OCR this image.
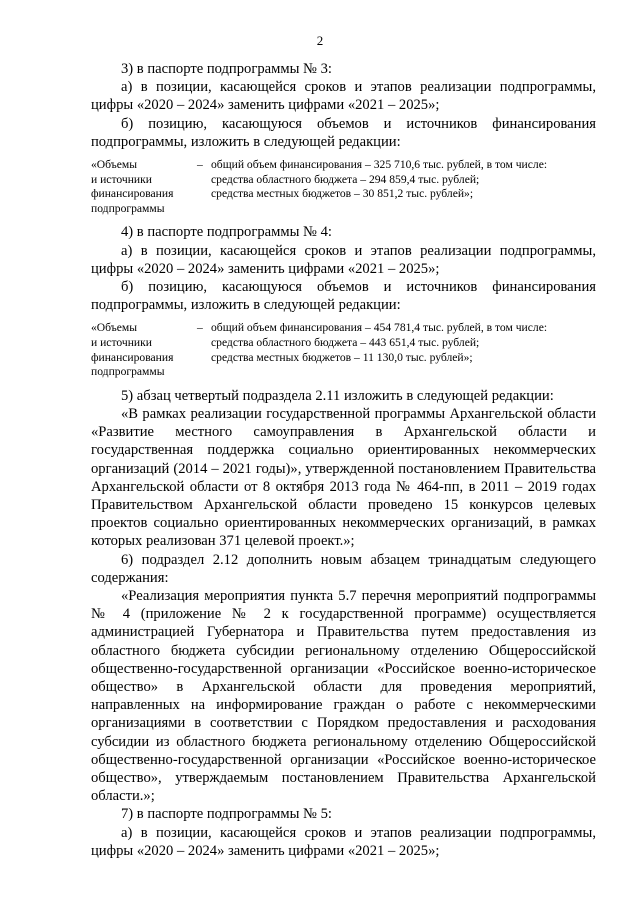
2

3) в паспорте подпрограммы № 3:

а) в позиции, касающейся сроков и этапов реализации подпрограммы, цифры «2020 – 2024» заменить цифрами «2021 – 2025»;

б) позицию, касающуюся объемов и источников финансирования подпрограммы, изложить в следующей редакции:

«Объемы
и источники
финансирования
подпрограммы
– общий объем финансирования – 325 710,6 тыс. рублей, в том числе:
средства областного бюджета – 294 859,4 тыс. рублей;
средства местных бюджетов – 30 851,2 тыс. рублей»;

4) в паспорте подпрограммы № 4:

а) в позиции, касающейся сроков и этапов реализации подпрограммы, цифры «2020 – 2024» заменить цифрами «2021 – 2025»;

б) позицию, касающуюся объемов и источников финансирования подпрограммы, изложить в следующей редакции:

«Объемы
и источники
финансирования
подпрограммы
– общий объем финансирования – 454 781,4 тыс. рублей, в том числе:
средства областного бюджета – 443 651,4 тыс. рублей;
средства местных бюджетов – 11 130,0 тыс. рублей»;

5) абзац четвертый подраздела 2.11 изложить в следующей редакции:

«В рамках реализации государственной программы Архангельской области «Развитие местного самоуправления в Архангельской области и государственная поддержка социально ориентированных некоммерческих организаций (2014 – 2021 годы)», утвержденной постановлением Правительства Архангельской области от 8 октября 2013 года № 464-пп, в 2011 – 2019 годах Правительством Архангельской области проведено 15 конкурсов целевых проектов социально ориентированных некоммерческих организаций, в рамках которых реализован 371 целевой проект.»;

6) подраздел 2.12 дополнить новым абзацем тринадцатым следующего содержания:

«Реализация мероприятия пункта 5.7 перечня мероприятий подпрограммы № 4 (приложение № 2 к государственной программе) осуществляется администрацией Губернатора и Правительства путем предоставления из областного бюджета субсидии региональному отделению Общероссийской общественно-государственной организации «Российское военно-историческое общество» в Архангельской области для проведения мероприятий, направленных на информирование граждан о работе с некоммерческими организациями в соответствии с Порядком предоставления и расходования субсидии из областного бюджета региональному отделению Общероссийской общественно-государственной организации «Российское военно-историческое общество», утверждаемым постановлением Правительства Архангельской области.»;

7) в паспорте подпрограммы № 5:

а) в позиции, касающейся сроков и этапов реализации подпрограммы, цифры «2020 – 2024» заменить цифрами «2021 – 2025»;
